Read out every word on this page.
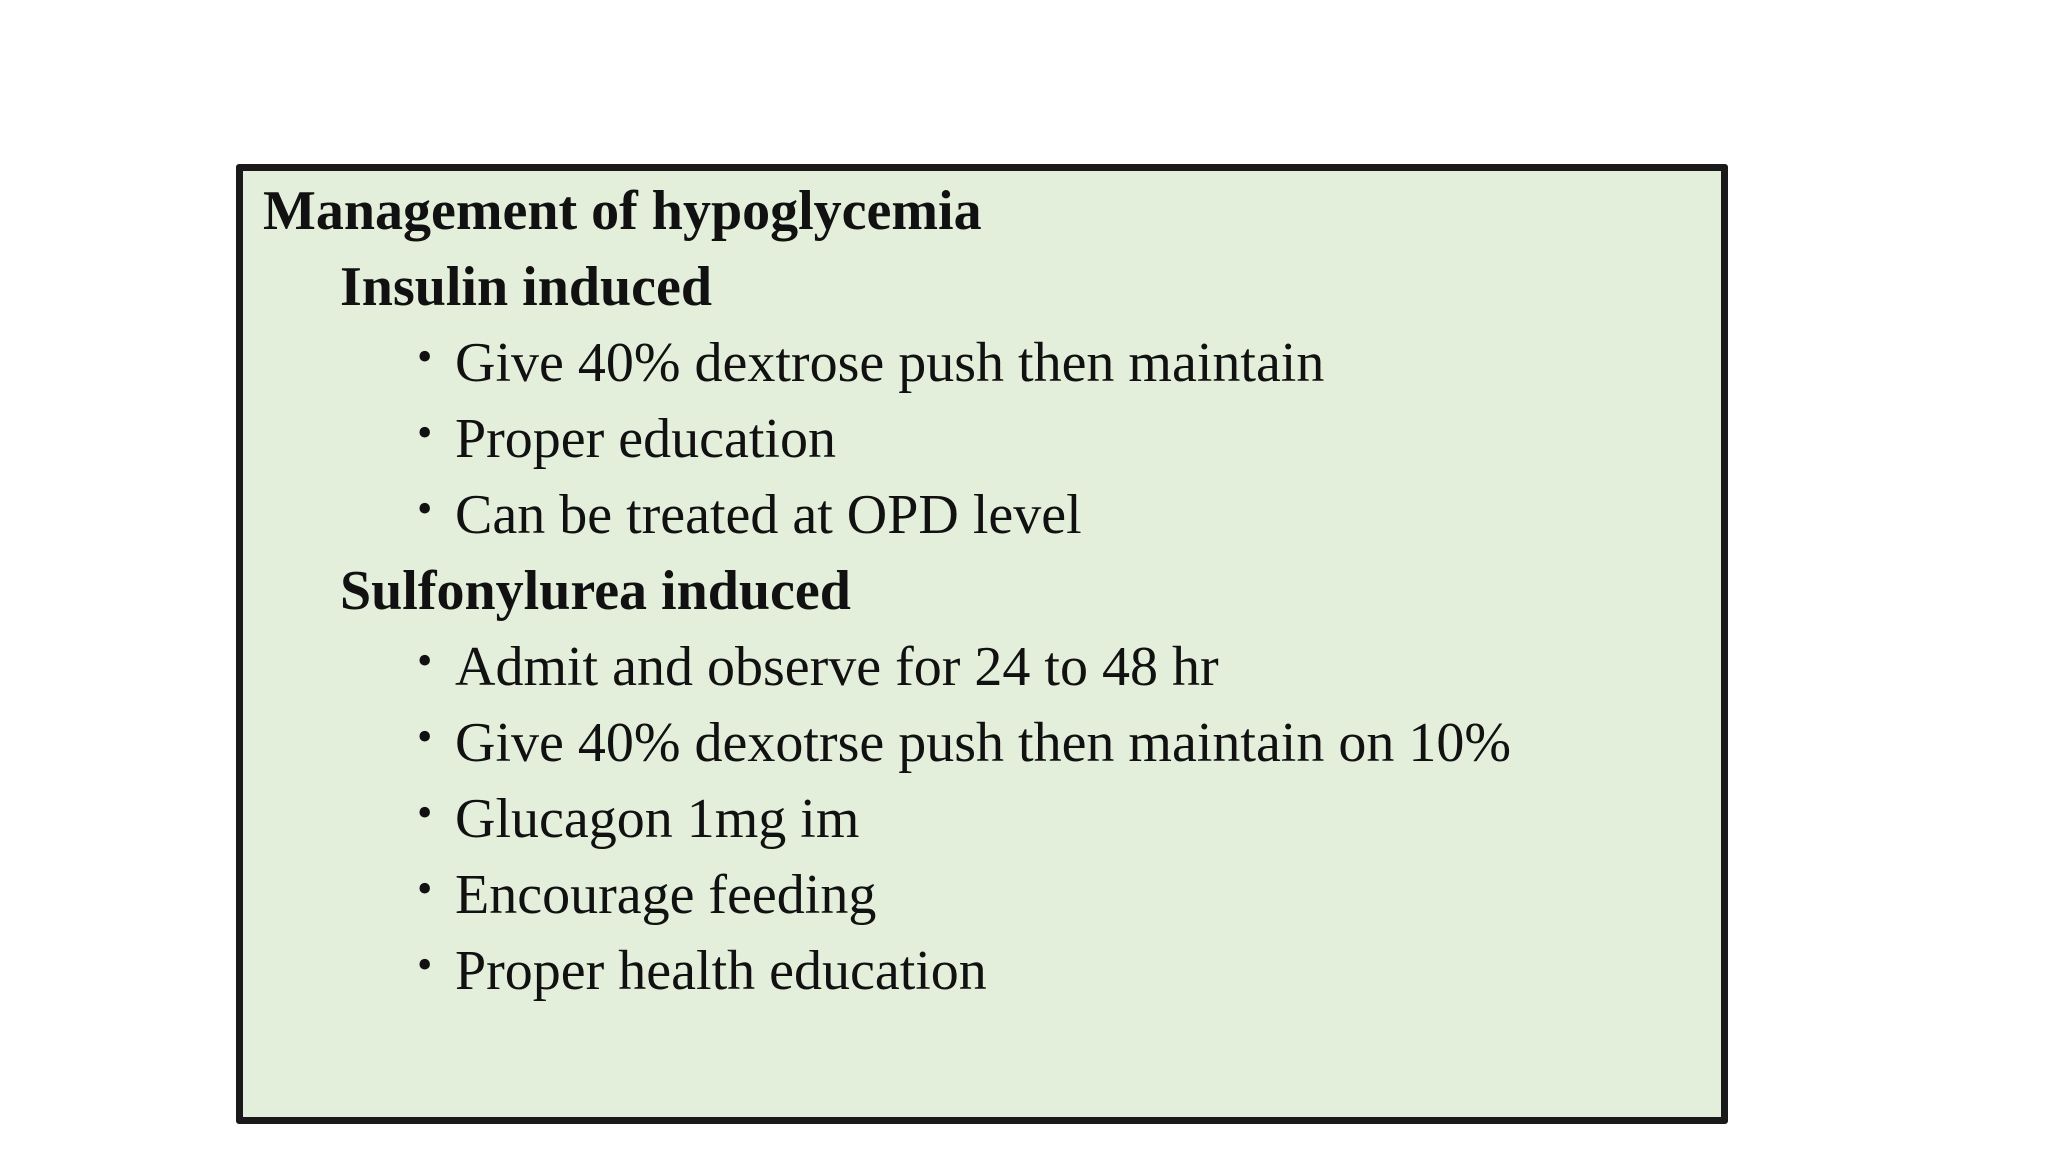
Management of hypoglycemia
Insulin induced
• Give 40% dextrose push then maintain
• Proper education
• Can be treated at OPD level
Sulfonylurea induced
• Admit and observe for 24 to 48 hr
• Give 40% dexotrse push then maintain on 10%
• Glucagon 1mg im
• Encourage feeding
• Proper health education
